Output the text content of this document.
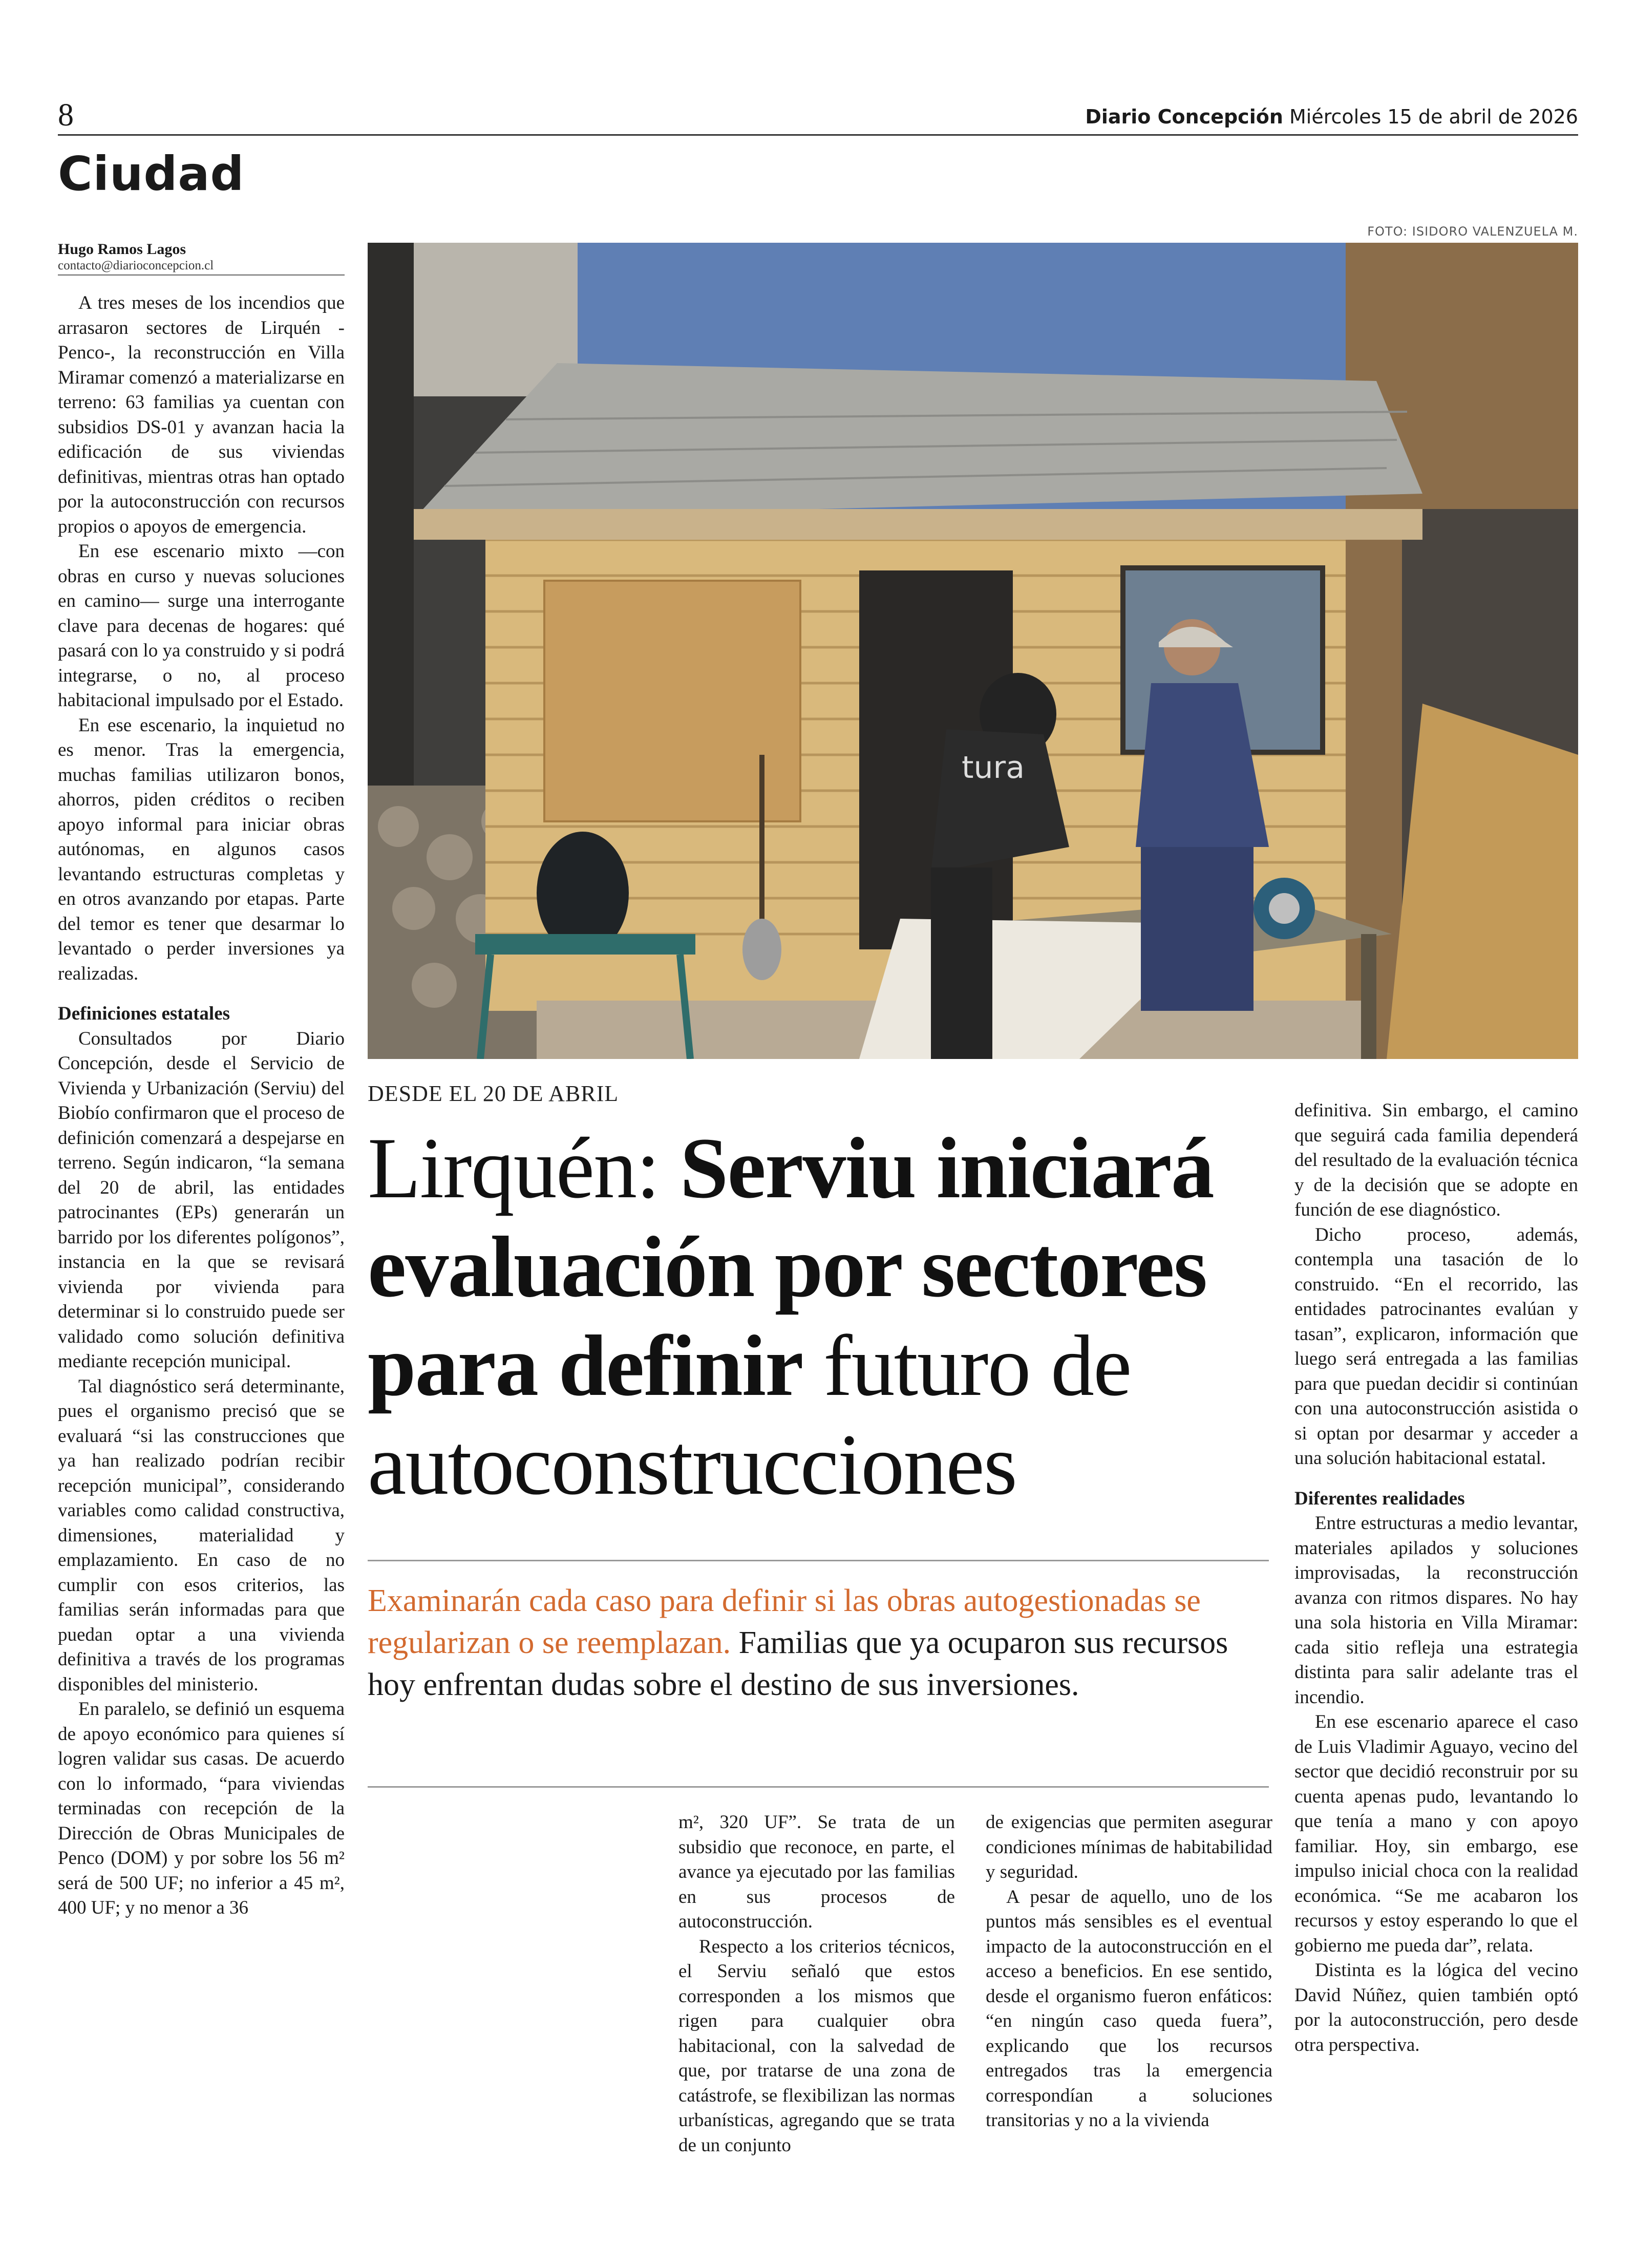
8	Diario Concepción Miércoles 15 de abril de 2026
Ciudad
Hugo Ramos Lagos
contacto@diarioconcepcion.cl

A tres meses de los incendios que arrasaron sectores de Lirquén -Penco-, la reconstrucción en Villa Miramar comenzó a materializarse en terreno: 63 familias ya cuentan con subsidios DS-01 y avanzan hacia la edificación de sus viviendas definitivas, mientras otras han optado por la autoconstrucción con recursos propios o apoyos de emergencia.

En ese escenario mixto —con obras en curso y nuevas soluciones en camino— surge una interrogante clave para decenas de hogares: qué pasará con lo ya construido y si podrá integrarse, o no, al proceso habitacional impulsado por el Estado.

En ese escenario, la inquietud no es menor. Tras la emergencia, muchas familias utilizaron bonos, ahorros, piden créditos o reciben apoyo informal para iniciar obras autónomas, en algunos casos levantando estructuras completas y en otros avanzando por etapas. Parte del temor es tener que desarmar lo levantado o perder inversiones ya realizadas.

Definiciones estatales

Consultados por Diario Concepción, desde el Servicio de Vivienda y Urbanización (Serviu) del Biobío confirmaron que el proceso de definición comenzará a despejarse en terreno. Según indicaron, “la semana del 20 de abril, las entidades patrocinantes (EPs) generarán un barrido por los diferentes polígonos”, instancia en la que se revisará vivienda por vivienda para determinar si lo construido puede ser validado como solución definitiva mediante recepción municipal.

Tal diagnóstico será determinante, pues el organismo precisó que se evaluará “si las construcciones que ya han realizado podrían recibir recepción municipal”, considerando variables como calidad constructiva, dimensiones, materialidad y emplazamiento. En caso de no cumplir con esos criterios, las familias serán informadas para que puedan optar a una vivienda definitiva a través de los programas disponibles del ministerio.

En paralelo, se definió un esquema de apoyo económico para quienes sí logren validar sus casas. De acuerdo con lo informado, “para viviendas terminadas con recepción de la Dirección de Obras Municipales de Penco (DOM) y por sobre los 56 m² será de 500 UF; no inferior a 45 m², 400 UF; y no menor a 36

FOTO: ISIDORO VALENZUELA M.
tura
DESDE EL 20 DE ABRIL
Lirquén: Serviu iniciará evaluación por sectores para definir futuro de autoconstrucciones
Examinarán cada caso para definir si las obras autogestionadas se regularizan o se reemplazan. Familias que ya ocuparon sus recursos hoy enfrentan dudas sobre el destino de sus inversiones.

m², 320 UF”. Se trata de un subsidio que reconoce, en parte, el avance ya ejecutado por las familias en sus procesos de autoconstrucción.

Respecto a los criterios técnicos, el Serviu señaló que estos corresponden a los mismos que rigen para cualquier obra habitacional, con la salvedad de que, por tratarse de una zona de catástrofe, se flexibilizan las normas urbanísticas, agregando que se trata de un conjunto

de exigencias que permiten asegurar condiciones mínimas de habitabilidad y seguridad.

A pesar de aquello, uno de los puntos más sensibles es el eventual impacto de la autoconstrucción en el acceso a beneficios. En ese sentido, desde el organismo fueron enfáticos: “en ningún caso queda fuera”, explicando que los recursos entregados tras la emergencia correspondían a soluciones transitorias y no a la vivienda

definitiva. Sin embargo, el camino que seguirá cada familia dependerá del resultado de la evaluación técnica y de la decisión que se adopte en función de ese diagnóstico.

Dicho proceso, además, contempla una tasación de lo construido. “En el recorrido, las entidades patrocinantes evalúan y tasan”, explicaron, información que luego será entregada a las familias para que puedan decidir si continúan con una autoconstrucción asistida o si optan por desarmar y acceder a una solución habitacional estatal.

Diferentes realidades

Entre estructuras a medio levantar, materiales apilados y soluciones improvisadas, la reconstrucción avanza con ritmos dispares. No hay una sola historia en Villa Miramar: cada sitio refleja una estrategia distinta para salir adelante tras el incendio.

En ese escenario aparece el caso de Luis Vladimir Aguayo, vecino del sector que decidió reconstruir por su cuenta apenas pudo, levantando lo que tenía a mano y con apoyo familiar. Hoy, sin embargo, ese impulso inicial choca con la realidad económica. “Se me acabaron los recursos y estoy esperando lo que el gobierno me pueda dar”, relata.

Distinta es la lógica del vecino David Núñez, quien también optó por la autoconstrucción, pero desde otra perspectiva.
